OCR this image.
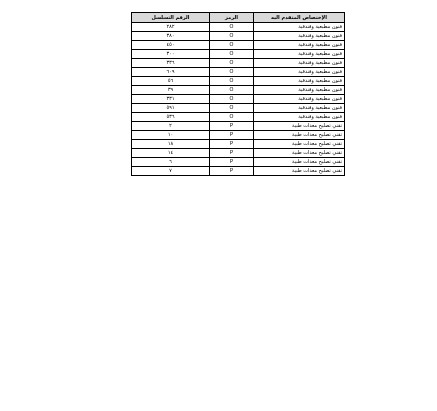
الرقم التسلسل	الرمز	الإختصاص المتقدم اليه
٢٨٢	O	فنون مطبعية وفندقية
٣٨٠	O	فنون مطبعية وفندقية
٤٥٠	O	فنون مطبعية وفندقية
٣٠٠	O	فنون مطبعية وفندقية
٣٣٦	O	فنون مطبعية وفندقية
٦٠٩	O	فنون مطبعية وفندقية
٥٦	O	فنون مطبعية وفندقية
٣٩	O	فنون مطبعية وفندقية
٣٣١	O	فنون مطبعية وفندقية
٥٩١	O	فنون مطبعية وفندقية
٥٣٦	O	فنون مطبعية وفندقية
٢	P	تقني تصليح معدات طبية
١٠	P	تقني تصليح معدات طبية
١٨	P	تقني تصليح معدات طبية
١٤	P	تقني تصليح معدات طبية
٦	P	تقني تصليح معدات طبية
٧	P	تقني تصليح معدات طبية
